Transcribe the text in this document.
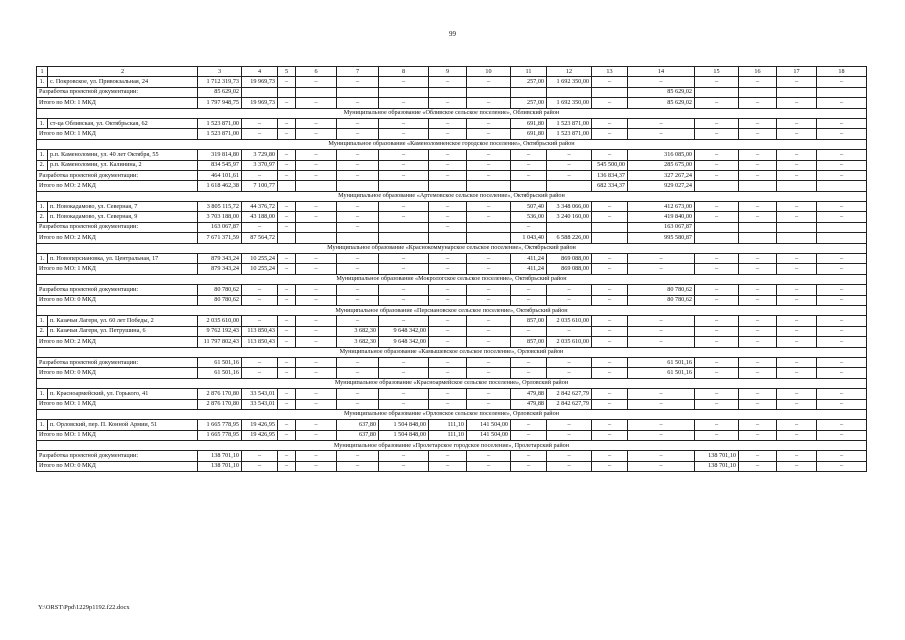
99
1	2	3	4	5	6	7	8	9	10	11	12	13	14	15	16	17	18
1.	с. Покровское, ул. Привокзальная, 24	1 712 319,73	19 969,73	–	–	–	–	–	–	257,00	1 692 350,00	–	–	–	–	–	–
Разработка проектной документации:		85 629,02											85 629,02				
Итого по МО: 1 МКД		1 797 948,75	19 969,73	–	–	–	–	–	–	257,00	1 692 350,00	–	85 629,02	–	–	–	–
Муниципальное образование «Обливское сельское поселение», Обливский район																	
1.	ст-ца Обливская, ул. Октябрьская, 62	1 523 871,00	–	–	–	–	–	–	–	691,80	1 523 871,00	–	–	–	–	–	–
Итого по МО: 1 МКД		1 523 871,00	–	–	–	–	–	–	–	691,80	1 523 871,00	–	–	–	–	–	–
Муниципальное образование «Каменоломненское городское поселение», Октябрьский район																	
1.	р.п. Каменоломни, ул. 40 лет Октября, 55	319 814,80	3 729,80	–	–	–	–	–	–	–	–	–	316 085,00	–	–	–	–
2.	р.п. Каменоломни, ул. Калинина, 2	834 545,97	3 370,97	–	–	–	–	–	–	–	–	545 500,00	285 675,00	–	–	–	–
Разработка проектной документации:		464 101,61	–	–	–	–	–	–	–	–	–	136 834,37	327 267,24	–	–	–	–
Итого по МО: 2 МКД		1 618 462,38	7 100,77									682 334,37	929 027,24				
Муниципальное образование «Артемовское сельское поселение», Октябрьский район																	
1.	п. Новокадамово, ул. Северная, 7	3 805 115,72	44 376,72	–	–	–	–	–	–	507,40	3 348 066,00	–	412 673,00	–	–	–	–
2.	п. Новокадамово, ул. Северная, 9	3 703 188,00	43 188,00	–	–	–	–	–	–	536,00	3 240 160,00	–	419 840,00	–	–	–	–
Разработка проектной документации:		163 067,87	–	–		–		–		–			163 067,87				
Итого по МО: 2 МКД		7 671 371,59	87 564,72							1 043,40	6 588 226,00		995 580,87				
Муниципальное образование «Краснокоммунарское сельское поселение», Октябрьский район																	
1.	п. Новоперсиановка, ул. Центральная, 17	879 343,24	10 255,24	–	–	–	–	–	–	411,24	869 088,00	–	–	–	–	–	–
Итого по МО: 1 МКД		879 343,24	10 255,24	–	–	–	–	–	–	411,24	869 088,00	–	–	–	–	–	–
Муниципальное образование «Мокрологское сельское поселение», Октябрьский район																	
Разработка проектной документации:		80 780,62	–	–	–	–	–	–	–	–	–	–	80 780,62	–	–	–	–
Итого по МО: 0 МКД		80 780,62	–	–	–	–	–	–	–	–	–	–	80 780,62	–	–	–	–
Муниципальное образование «Персиановское сельское поселение», Октябрьский район																	
1.	п. Казачьи Лагеря, ул. 60 лет Победы, 2	2 035 610,00	–	–	–	–	–	–	–	857,00	2 035 610,00	–	–	–	–	–	–
2.	п. Казачьи Лагеря, ул. Петрушина, 6	9 762 192,43	113 850,43	–	–	3 682,30	9 648 342,00	–	–	–	–	–	–	–	–	–	–
Итого по МО: 2 МКД		11 797 802,43	113 850,43	–	–	3 682,30	9 648 342,00	–	–	857,00	2 035 610,00	–	–	–	–	–	–
Муниципальное образование «Камышевское сельское поселение», Орловский район																	
Разработка проектной документации:		61 501,16	–	–	–	–	–	–	–	–	–	–	61 501,16	–	–	–	–
Итого по МО: 0 МКД		61 501,16	–	–	–	–	–	–	–	–	–	–	61 501,16	–	–	–	–
Муниципальное образование «Красноармейское сельское поселение», Орловский район																	
1.	п. Красноармейский, ул. Горького, 41	2 876 170,80	33 543,01	–	–	–	–	–	–	479,88	2 842 627,79	–	–	–	–	–	–
Итого по МО: 1 МКД		2 876 170,80	33 543,01	–	–	–	–	–	–	479,88	2 842 627,79	–	–	–	–	–	–
Муниципальное образование «Орловское сельское поселение», Орловский район																	
1.	п. Орловский, пер. П. Конной Армии, 51	1 665 778,95	19 426,95	–	–	637,80	1 504 848,00	111,10	141 504,00	–	–	–	–	–	–	–	–
Итого по МО: 1 МКД		1 665 778,95	19 426,95	–	–	637,80	1 504 848,00	111,10	141 504,00	–	–	–	–	–	–	–	–
Муниципальное образование «Пролетарское городское поселение», Пролетарский район																	
Разработка проектной документации:		138 701,10	–	–	–	–	–	–	–	–	–	–	–	138 701,10	–	–	–
Итого по МО: 0 МКД		138 701,10	–	–	–	–	–	–	–	–	–	–	–	138 701,10	–	–	–
Y:\ORST\Ppd\1229p1192.f22.docx
